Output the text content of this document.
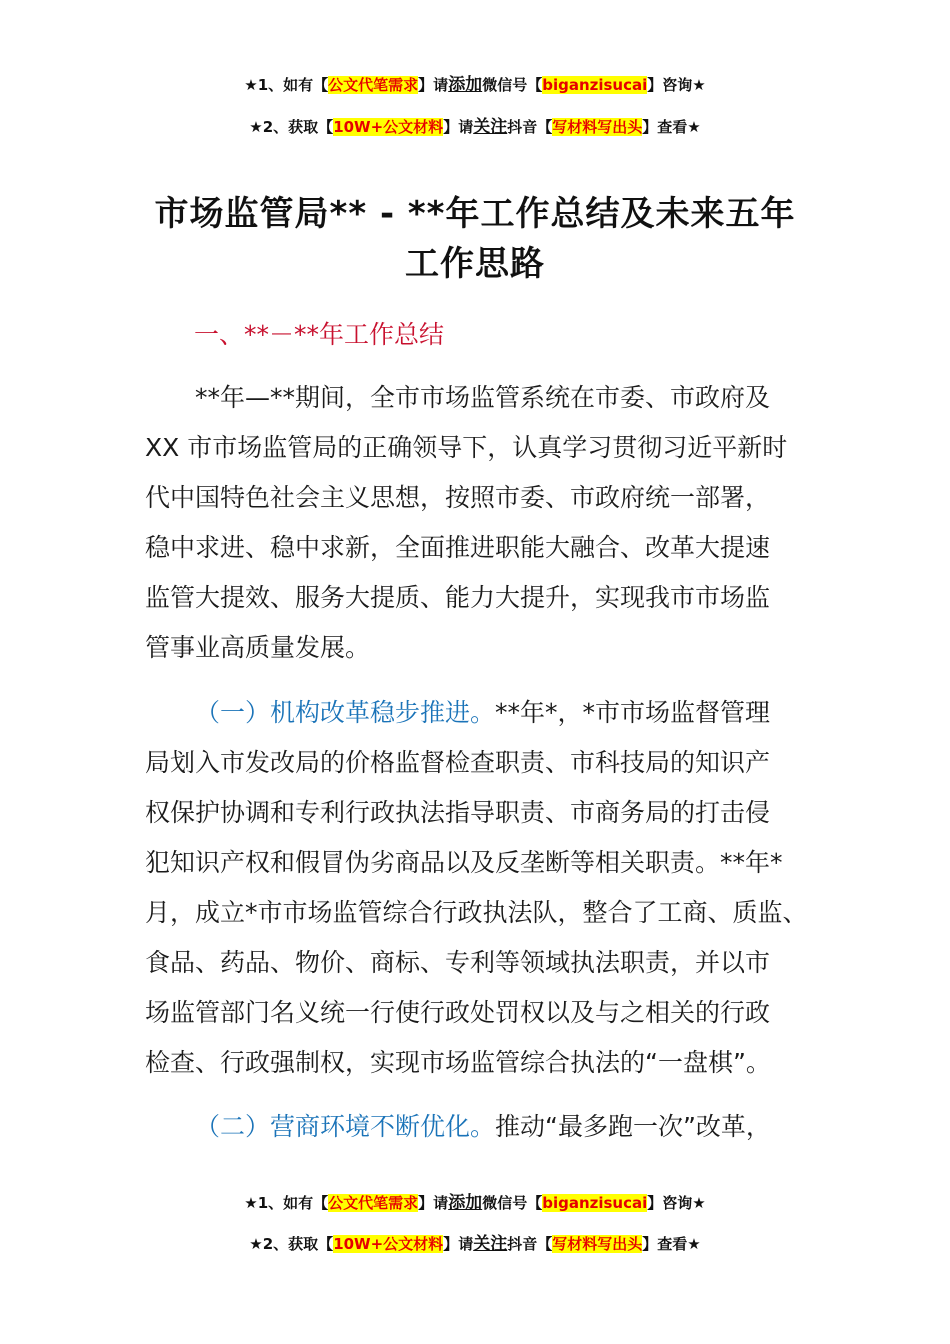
★1、如有【公文代笔需求】请添加微信号【biganzisucai】咨询★
★2、获取【10W+公文材料】请关注抖音【写材料写出头】查看★
市场监管局** - **年工作总结及未来五年
工作思路
一、**－**年工作总结
**年—**期间，全市市场监管系统在市委、市政府及
XX 市市场监管局的正确领导下，认真学习贯彻习近平新时
代中国特色社会主义思想，按照市委、市政府统一部署，
稳中求进、稳中求新，全面推进职能大融合、改革大提速
监管大提效、服务大提质、能力大提升，实现我市市场监
管事业高质量发展。
（一）机构改革稳步推进。**年*，*市市场监督管理
局划入市发改局的价格监督检查职责、市科技局的知识产
权保护协调和专利行政执法指导职责、市商务局的打击侵
犯知识产权和假冒伪劣商品以及反垄断等相关职责。**年*
月，成立*市市场监管综合行政执法队，整合了工商、质监、
食品、药品、物价、商标、专利等领域执法职责，并以市
场监管部门名义统一行使行政处罚权以及与之相关的行政
检查、行政强制权，实现市场监管综合执法的“一盘棋”。
（二）营商环境不断优化。推动“最多跑一次”改革，
★1、如有【公文代笔需求】请添加微信号【biganzisucai】咨询★
★2、获取【10W+公文材料】请关注抖音【写材料写出头】查看★
